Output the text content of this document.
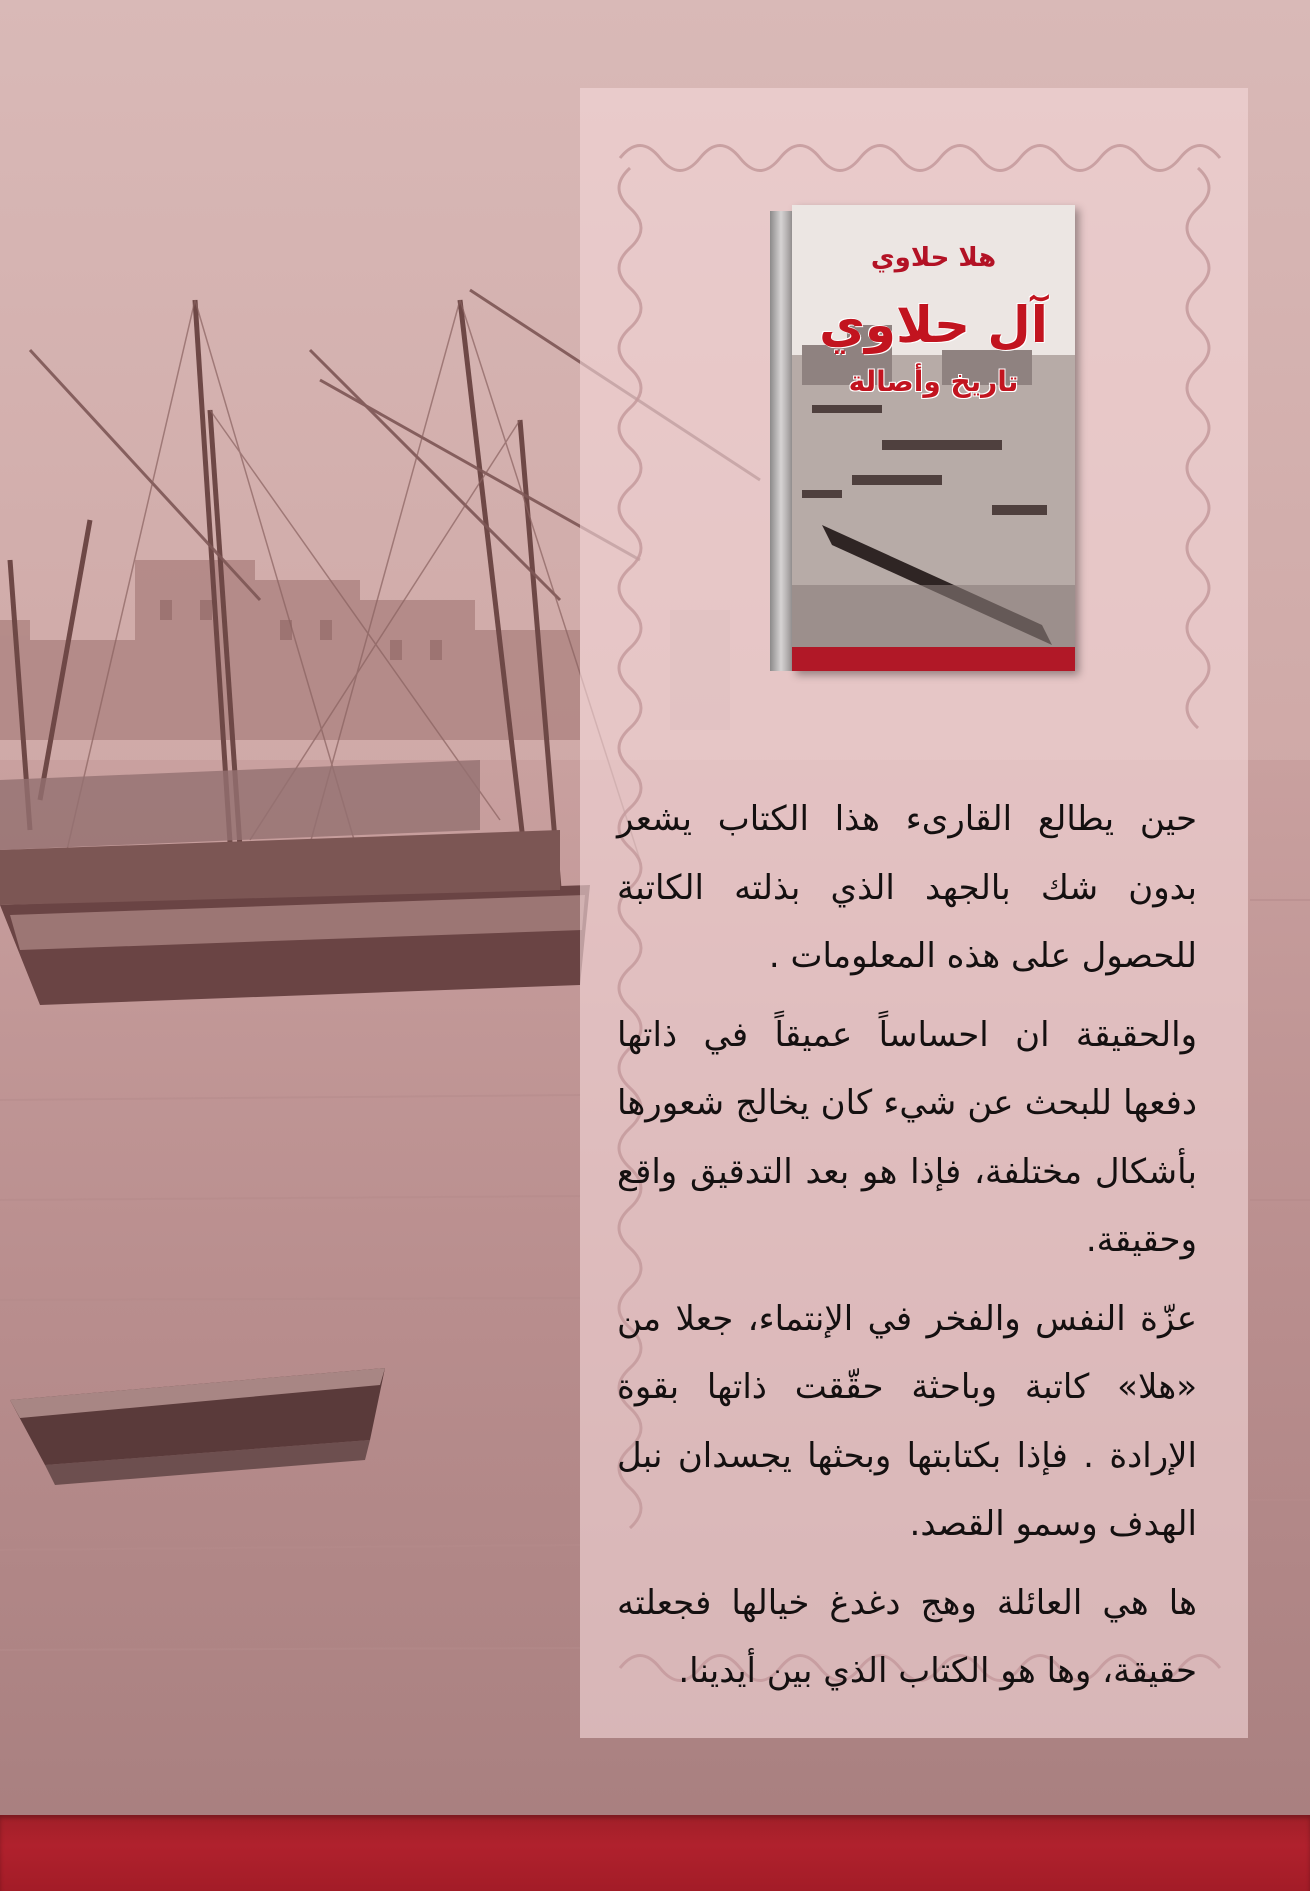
هلا حلاوي
آل حلاوي
تاريخ وأصالة

حين يطالع القارىء هذا الكتاب يشعر بدون شك بالجهد الذي بذلته الكاتبة للحصول على هذه المعلومات .

والحقيقة ان احساساً عميقاً في ذاتها دفعها للبحث عن شيء كان يخالج شعورها بأشكال مختلفة، فإذا هو بعد التدقيق واقع وحقيقة.

عزّة النفس والفخر في الإنتماء، جعلا من «هلا» كاتبة وباحثة حقّقت ذاتها بقوة الإرادة . فإذا بكتابتها وبحثها يجسدان نبل الهدف وسمو القصد.

ها هي العائلة وهج دغدغ خيالها فجعلته حقيقة، وها هو الكتاب الذي بين أيدينا.
